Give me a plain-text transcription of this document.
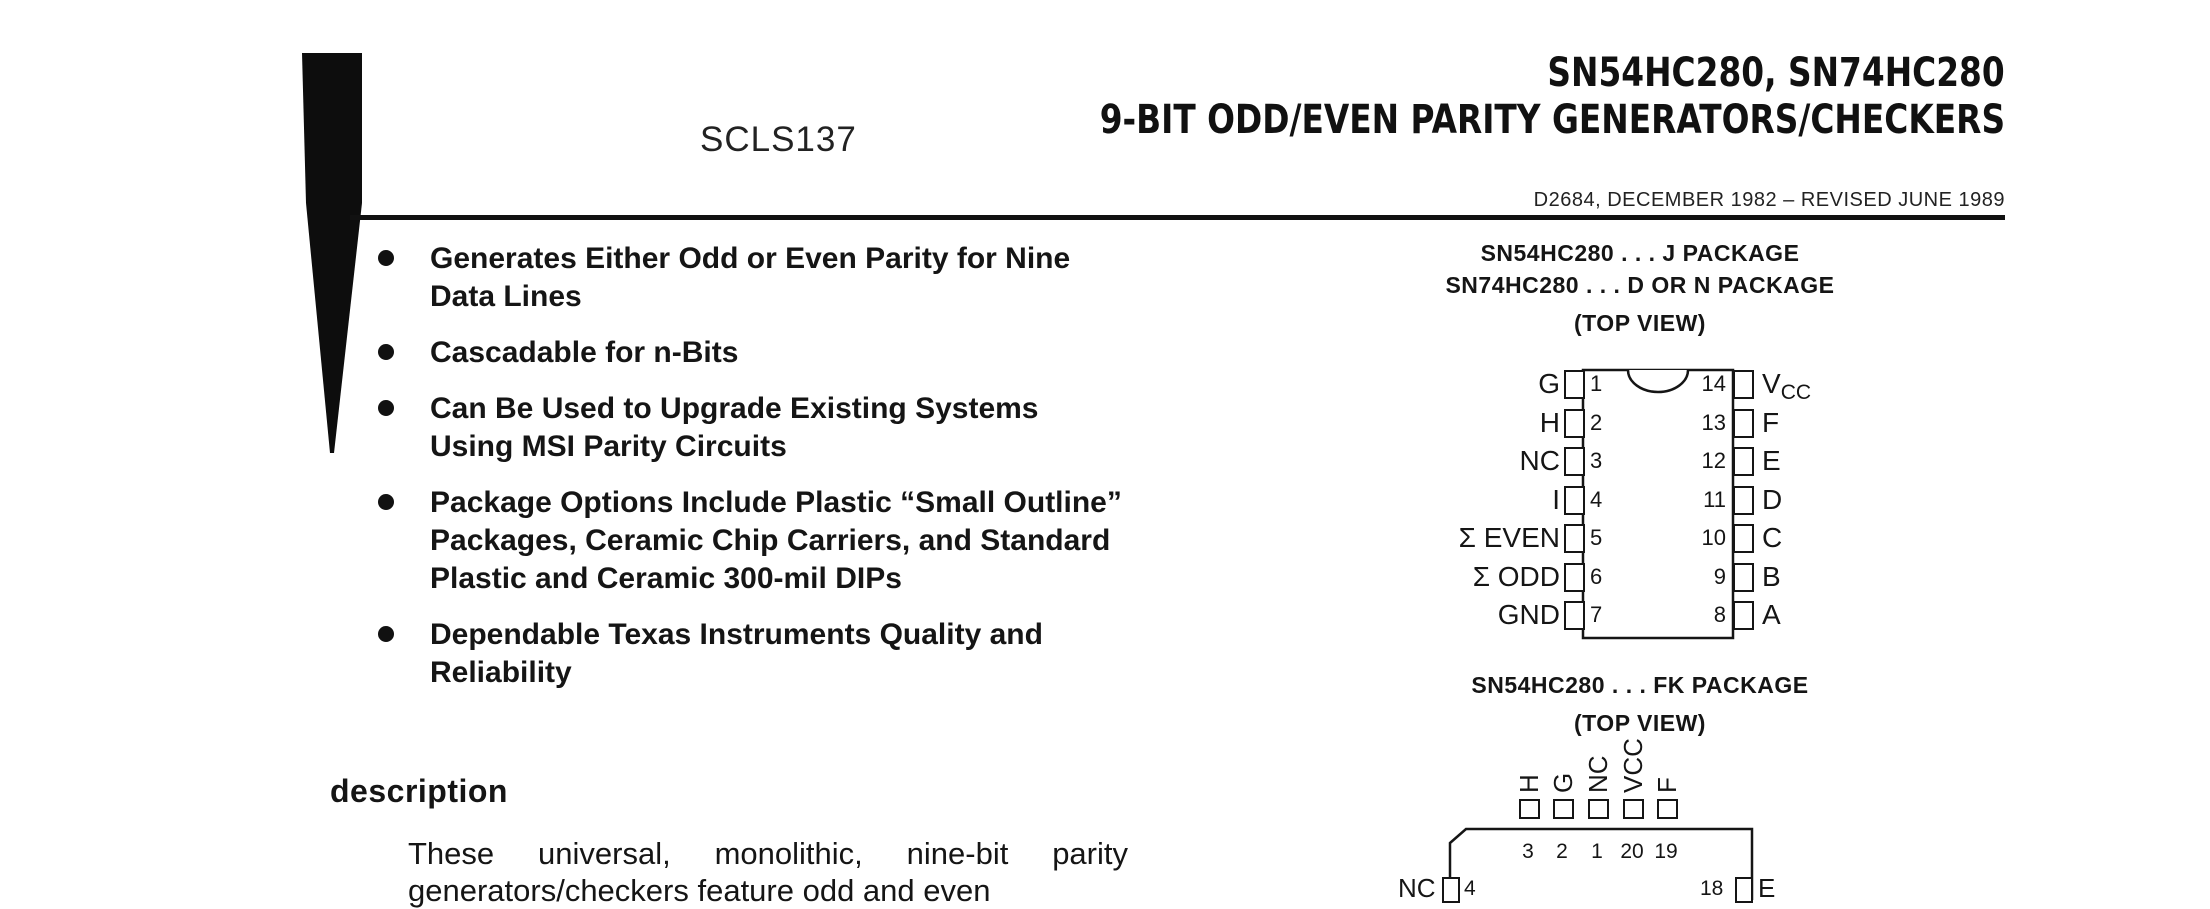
SCLS137
SN54HC280, SN74HC280
9-BIT ODD/EVEN PARITY GENERATORS/CHECKERS
D2684, DECEMBER 1982 – REVISED JUNE 1989
Generates Either Odd or Even Parity for Nine Data Lines
Cascadable for n-Bits
Can Be Used to Upgrade Existing Systems Using MSI Parity Circuits
Package Options Include Plastic “Small Outline” Packages, Ceramic Chip Carriers, and Standard Plastic and Ceramic 300-mil DIPs
Dependable Texas Instruments Quality and Reliability
description
These universal, monolithic, nine-bit parity generators/checkers feature odd and even
SN54HC280 . . . J PACKAGE
SN74HC280 . . . D OR N PACKAGE
(TOP VIEW)
G 1
H 2
NC 3
I 4
Σ EVEN 5
Σ ODD 6
GND 7
14 $V_{CC}$
13 F
12 E
11 D
10 C
9 B
8 A
SN54HC280 . . . FK PACKAGE
(TOP VIEW)
H
3
G
2
NC
1
VCC
20
F
19
NC 4	18 E
